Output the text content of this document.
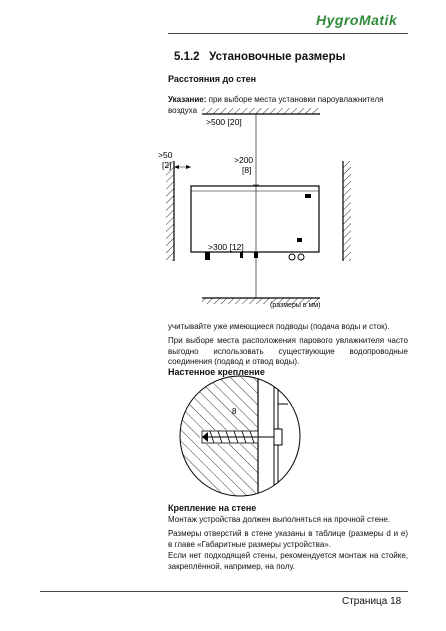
HygroMatik
5.1.2 Установочные размеры
Расстояния до стен
Указание: при выборе места установки пароувлажнителя воздуха
>500 [20]
>50
[2]	>200
[8]
>300 [12]
(размеры в мм)
учитывайте уже имеющиеся подводы (подача воды и сток).
При выборе места расположения парового увлажнителя часто выгодно использовать существующие водопроводные соединения (подвод и отвод воды).
Настенное крепление
8
Крепление на стене
Монтаж устройства должен выполняться на прочной стене.
Размеры отверстий в стене указаны в таблице (размеры d и e) в главе «Габаритные размеры устройства».
Если нет подходящей стены, рекомендуется монтаж на стойке, закреплённой, например, на полу.
Страница 18
